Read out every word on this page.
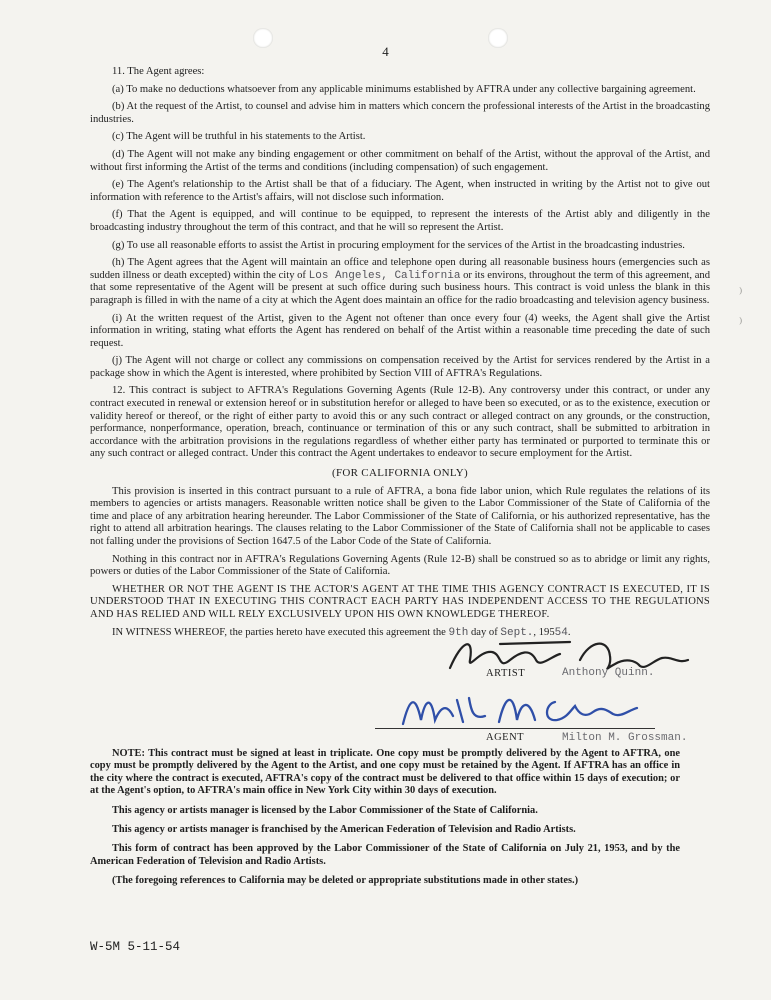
4

11. The Agent agrees:

(a) To make no deductions whatsoever from any applicable minimums established by AFTRA under any collective bargaining agreement.

(b) At the request of the Artist, to counsel and advise him in matters which concern the professional interests of the Artist in the broadcasting industries.

(c) The Agent will be truthful in his statements to the Artist.

(d) The Agent will not make any binding engagement or other commitment on behalf of the Artist, without the approval of the Artist, and without first informing the Artist of the terms and conditions (including compensation) of such engagement.

(e) The Agent's relationship to the Artist shall be that of a fiduciary. The Agent, when instructed in writing by the Artist not to give out information with reference to the Artist's affairs, will not disclose such information.

(f) That the Agent is equipped, and will continue to be equipped, to represent the interests of the Artist ably and diligently in the broadcasting industry throughout the term of this contract, and that he will so represent the Artist.

(g) To use all reasonable efforts to assist the Artist in procuring employment for the services of the Artist in the broadcasting industries.

(h) The Agent agrees that the Agent will maintain an office and telephone open during all reasonable business hours (emergencies such as sudden illness or death excepted) within the city of Los Angeles, California or its environs, throughout the term of this agreement, and that some representative of the Agent will be present at such office during such business hours. This contract is void unless the blank in this paragraph is filled in with the name of a city at which the Agent does maintain an office for the radio broadcasting and television agency business.

(i) At the written request of the Artist, given to the Agent not oftener than once every four (4) weeks, the Agent shall give the Artist information in writing, stating what efforts the Agent has rendered on behalf of the Artist within a reasonable time preceding the date of such request.

(j) The Agent will not charge or collect any commissions on compensation received by the Artist for services rendered by the Artist in a package show in which the Agent is interested, where prohibited by Section VIII of AFTRA's Regulations.

12. This contract is subject to AFTRA's Regulations Governing Agents (Rule 12-B). Any controversy under this contract, or under any contract executed in renewal or extension hereof or in substitution herefor or alleged to have been so executed, or as to the existence, execution or validity hereof or thereof, or the right of either party to avoid this or any such contract or alleged contract on any grounds, or the construction, performance, nonperformance, operation, breach, continuance or termination of this or any such contract, shall be submitted to arbitration in accordance with the arbitration provisions in the regulations regardless of whether either party has terminated or purported to terminate this or any such contract or alleged contract. Under this contract the Agent undertakes to endeavor to secure employment for the Artist.

(FOR CALIFORNIA ONLY)

This provision is inserted in this contract pursuant to a rule of AFTRA, a bona fide labor union, which Rule regulates the relations of its members to agencies or artists managers. Reasonable written notice shall be given to the Labor Commissioner of the State of California of the time and place of any arbitration hearing hereunder. The Labor Commissioner of the State of California, or his authorized representative, has the right to attend all arbitration hearings. The clauses relating to the Labor Commissioner of the State of California shall not be applicable to cases not falling under the provisions of Section 1647.5 of the Labor Code of the State of California.

Nothing in this contract nor in AFTRA's Regulations Governing Agents (Rule 12-B) shall be construed so as to abridge or limit any rights, powers or duties of the Labor Commissioner of the State of California.

WHETHER OR NOT THE AGENT IS THE ACTOR'S AGENT AT THE TIME THIS AGENCY CONTRACT IS EXECUTED, IT IS UNDERSTOOD THAT IN EXECUTING THIS CONTRACT EACH PARTY HAS INDEPENDENT ACCESS TO THE REGULATIONS AND HAS RELIED AND WILL RELY EXCLUSIVELY UPON HIS OWN KNOWLEDGE THEREOF.

IN WITNESS WHEREOF, the parties hereto have executed this agreement the 9th day of Sept., 19554.

ARTIST	Anthony Quinn.
AGENT	Milton M. Grossman.

NOTE: This contract must be signed at least in triplicate. One copy must be promptly delivered by the Agent to AFTRA, one copy must be promptly delivered by the Agent to the Artist, and one copy must be retained by the Agent. If AFTRA has an office in the city where the contract is executed, AFTRA's copy of the contract must be delivered to that office within 15 days of execution; or at the Agent's option, to AFTRA's main office in New York City within 30 days of execution.

This agency or artists manager is licensed by the Labor Commissioner of the State of California.

This agency or artists manager is franchised by the American Federation of Television and Radio Artists.

This form of contract has been approved by the Labor Commissioner of the State of California on July 21, 1953, and by the American Federation of Television and Radio Artists.

(The foregoing references to California may be deleted or appropriate substitutions made in other states.)

W-5M 5-11-54
⁾
⁾
